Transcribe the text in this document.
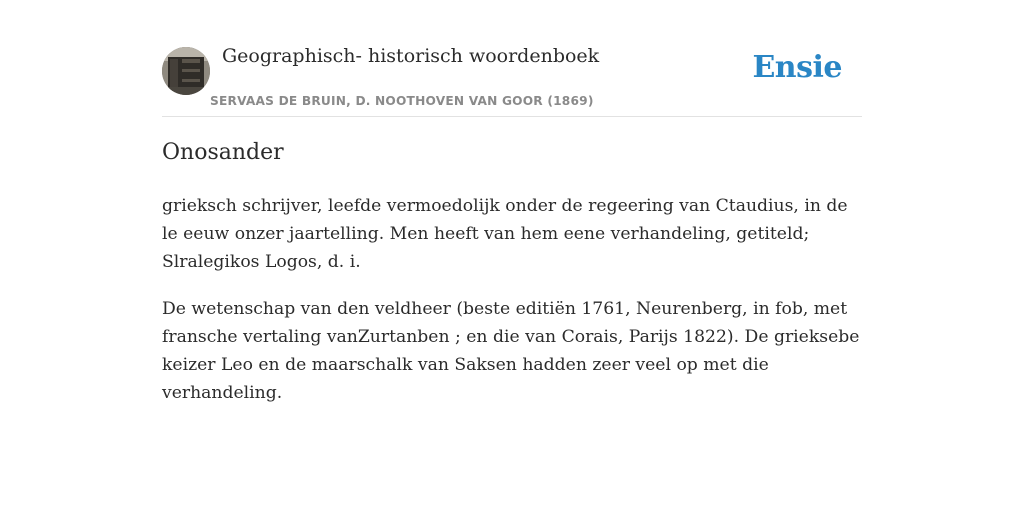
Geographisch- historisch woordenboek
SERVAAS DE BRUIN, D. NOOTHOVEN VAN GOOR (1869)
Ensie
Onosander

grieksch schrijver, leefde vermoedolijk onder de regeering van Ctaudius, in de le eeuw onzer jaartelling. Men heeft van hem eene verhandeling, getiteld; Slralegikos Logos, d. i.

De wetenschap van den veldheer (beste editiën 1761, Neurenberg, in fob, met fransche vertaling vanZurtanben ; en die van Corais, Parijs 1822). De grieksebe keizer Leo en de maarschalk van Saksen hadden zeer veel op met die verhandeling.
